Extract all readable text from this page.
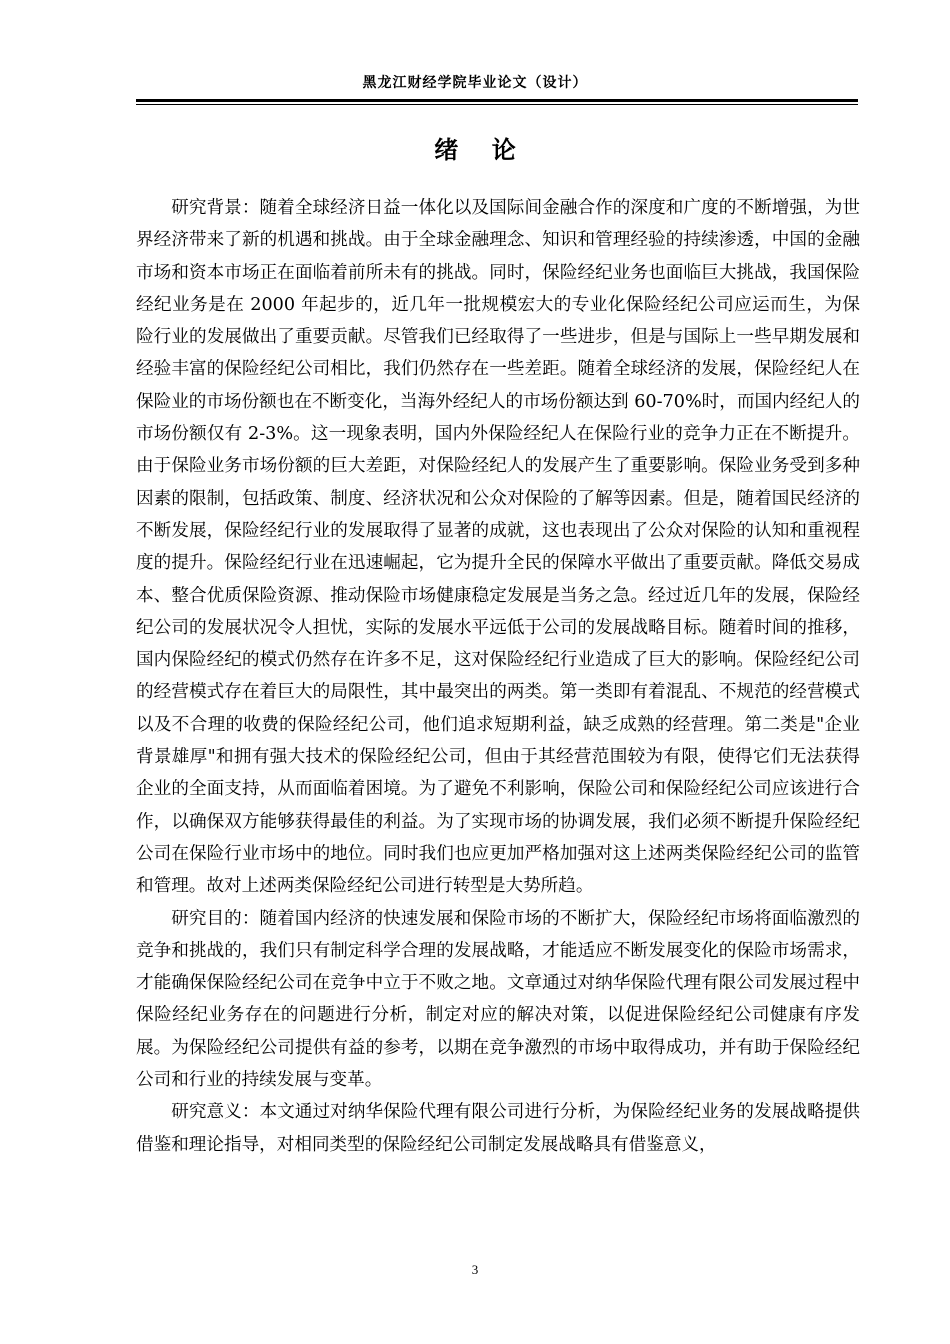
黑龙江财经学院毕业论文（设计）
绪    论

研究背景：随着全球经济日益一体化以及国际间金融合作的深度和广度的不断增强，为世界经济带来了新的机遇和挑战。由于全球金融理念、知识和管理经验的持续渗透，中国的金融市场和资本市场正在面临着前所未有的挑战。同时，保险经纪业务也面临巨大挑战，我国保险经纪业务是在 2000 年起步的，近几年一批规模宏大的专业化保险经纪公司应运而生，为保险行业的发展做出了重要贡献。尽管我们已经取得了一些进步，但是与国际上一些早期发展和经验丰富的保险经纪公司相比，我们仍然存在一些差距。随着全球经济的发展，保险经纪人在保险业的市场份额也在不断变化，当海外经纪人的市场份额达到 60-70%时，而国内经纪人的市场份额仅有 2-3%。这一现象表明，国内外保险经纪人在保险行业的竞争力正在不断提升。由于保险业务市场份额的巨大差距，对保险经纪人的发展产生了重要影响。保险业务受到多种因素的限制，包括政策、制度、经济状况和公众对保险的了解等因素。但是，随着国民经济的不断发展，保险经纪行业的发展取得了显著的成就，这也表现出了公众对保险的认知和重视程度的提升。保险经纪行业在迅速崛起，它为提升全民的保障水平做出了重要贡献。降低交易成本、整合优质保险资源、推动保险市场健康稳定发展是当务之急。经过近几年的发展，保险经纪公司的发展状况令人担忧，实际的发展水平远低于公司的发展战略目标。随着时间的推移，国内保险经纪的模式仍然存在许多不足，这对保险经纪行业造成了巨大的影响。保险经纪公司的经营模式存在着巨大的局限性，其中最突出的两类。第一类即有着混乱、不规范的经营模式以及不合理的收费的保险经纪公司，他们追求短期利益，缺乏成熟的经营理。第二类是"企业背景雄厚"和拥有强大技术的保险经纪公司，但由于其经营范围较为有限，使得它们无法获得企业的全面支持，从而面临着困境。为了避免不利影响，保险公司和保险经纪公司应该进行合作，以确保双方能够获得最佳的利益。为了实现市场的协调发展，我们必须不断提升保险经纪公司在保险行业市场中的地位。同时我们也应更加严格加强对这上述两类保险经纪公司的监管和管理。故对上述两类保险经纪公司进行转型是大势所趋。

研究目的：随着国内经济的快速发展和保险市场的不断扩大，保险经纪市场将面临激烈的竞争和挑战的，我们只有制定科学合理的发展战略，才能适应不断发展变化的保险市场需求，才能确保保险经纪公司在竞争中立于不败之地。文章通过对纳华保险代理有限公司发展过程中保险经纪业务存在的问题进行分析，制定对应的解决对策，以促进保险经纪公司健康有序发展。为保险经纪公司提供有益的参考，以期在竞争激烈的市场中取得成功，并有助于保险经纪公司和行业的持续发展与变革。

研究意义：本文通过对纳华保险代理有限公司进行分析，为保险经纪业务的发展战略提供借鉴和理论指导，对相同类型的保险经纪公司制定发展战略具有借鉴意义，

3
